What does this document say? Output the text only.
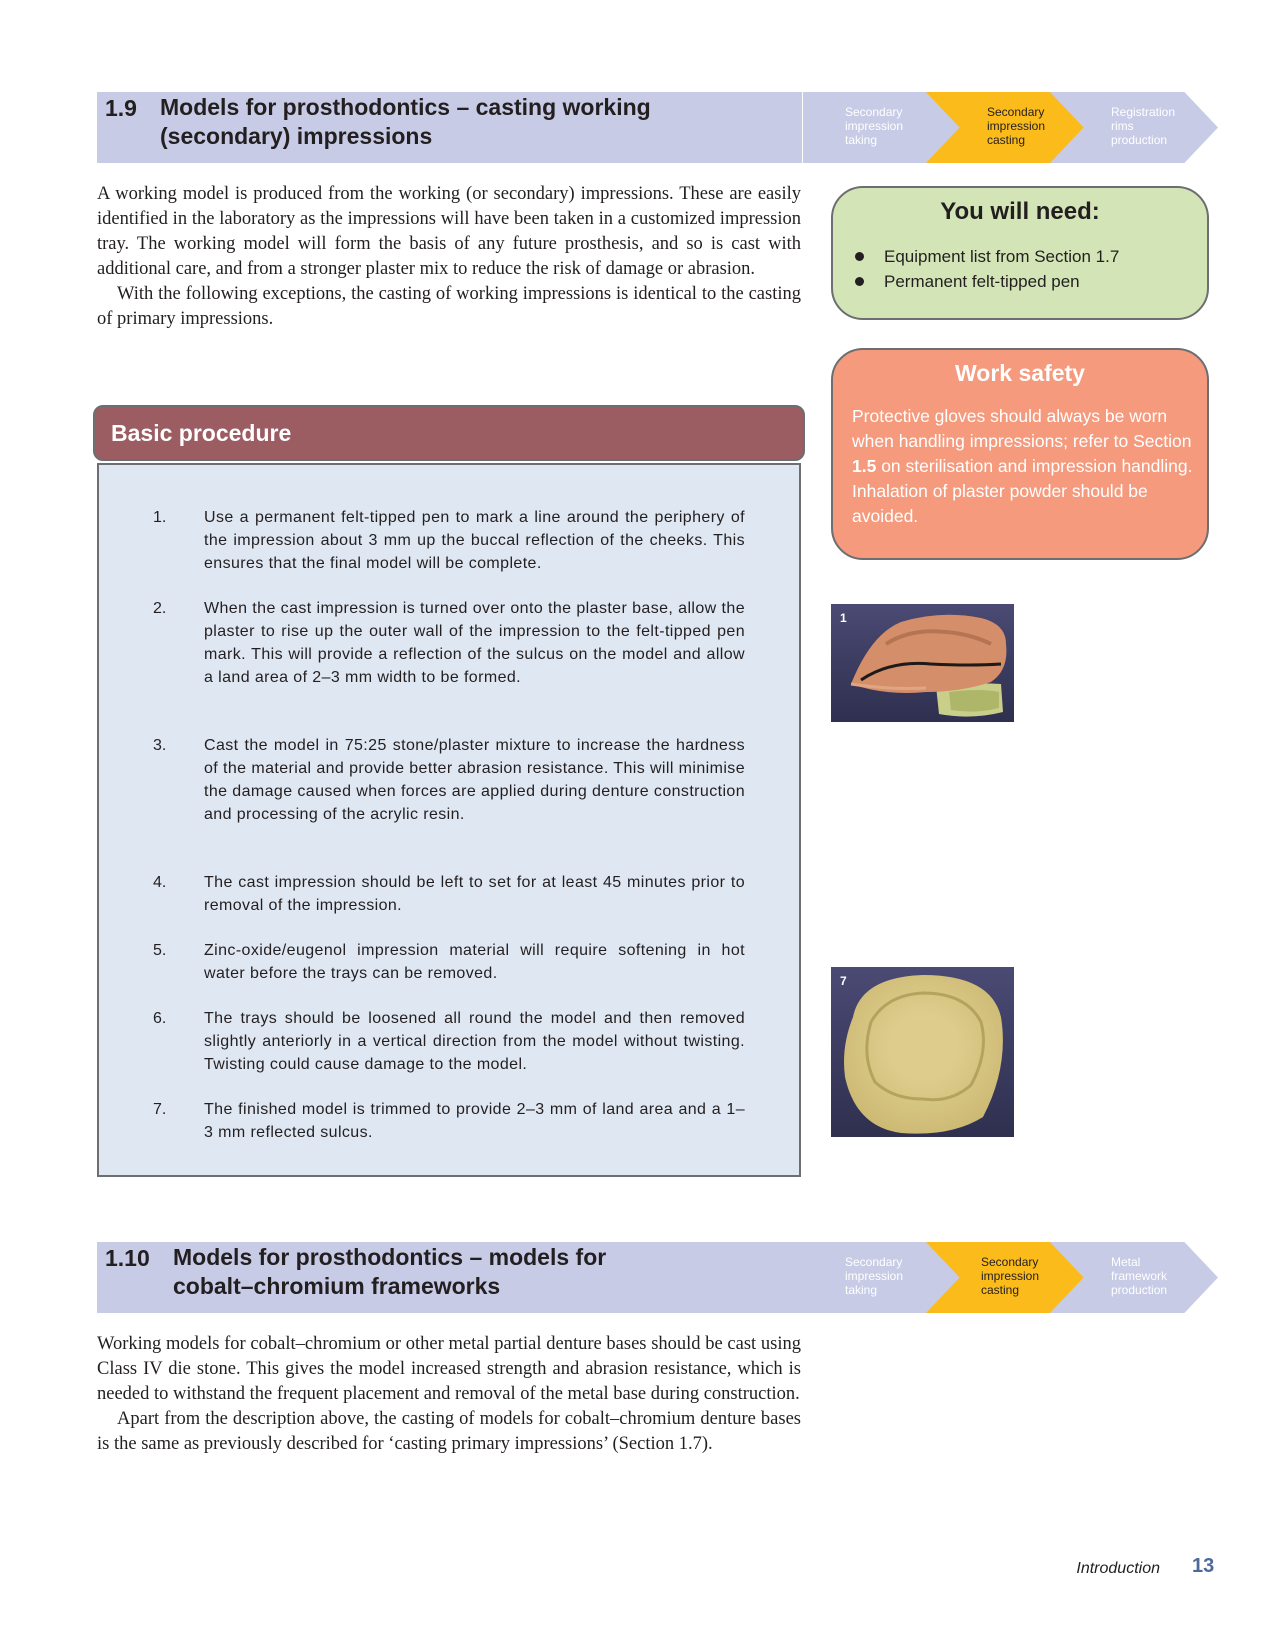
1.9 Models for prosthodontics – casting working
(secondary) impressions
Secondary
impression
taking
Secondary
impression
casting
Registration
rims
production

A working model is produced from the working (or secondary) impressions. These are easily identified in the laboratory as the impressions will have been taken in a customized impression tray. The working model will form the basis of any future prosthesis, and so is cast with additional care, and from a stronger plaster mix to reduce the risk of damage or abrasion.

With the following exceptions, the casting of working impressions is identical to the casting of primary impressions.

You will need:
Equipment list from Section 1.7
Permanent felt-tipped pen
Work safety
Protective gloves should always be worn when handling impressions; refer to Section 1.5 on sterilisation and impression handling. Inhalation of plaster powder should be avoided.
Basic procedure
1. Use a permanent felt-tipped pen to mark a line around the periphery of the impression about 3 mm up the buccal reflection of the cheeks. This ensures that the final model will be complete.
2. When the cast impression is turned over onto the plaster base, allow the plaster to rise up the outer wall of the impression to the felt-tipped pen mark. This will provide a reflection of the sulcus on the model and allow a land area of 2–3 mm width to be formed.
3. Cast the model in 75:25 stone/plaster mixture to increase the hardness of the material and provide better abrasion resistance. This will minimise the damage caused when forces are applied during denture construction and processing of the acrylic resin.
4. The cast impression should be left to set for at least 45 minutes prior to removal of the impression.
5. Zinc-oxide/eugenol impression material will require softening in hot water before the trays can be removed.
6. The trays should be loosened all round the model and then removed slightly anteriorly in a vertical direction from the model without twisting. Twisting could cause damage to the model.
7. The finished model is trimmed to provide 2–3 mm of land area and a 1–3 mm reflected sulcus.
1
7
1.10 Models for prosthodontics – models for
cobalt–chromium frameworks
Secondary
impression
taking
Secondary
impression
casting
Metal
framework
production

Working models for cobalt–chromium or other metal partial denture bases should be cast using Class IV die stone. This gives the model increased strength and abrasion resistance, which is needed to withstand the frequent placement and removal of the metal base during construction.

Apart from the description above, the casting of models for cobalt–chromium denture bases is the same as previously described for ‘casting primary impressions’ (Section 1.7).

Introduction 13
